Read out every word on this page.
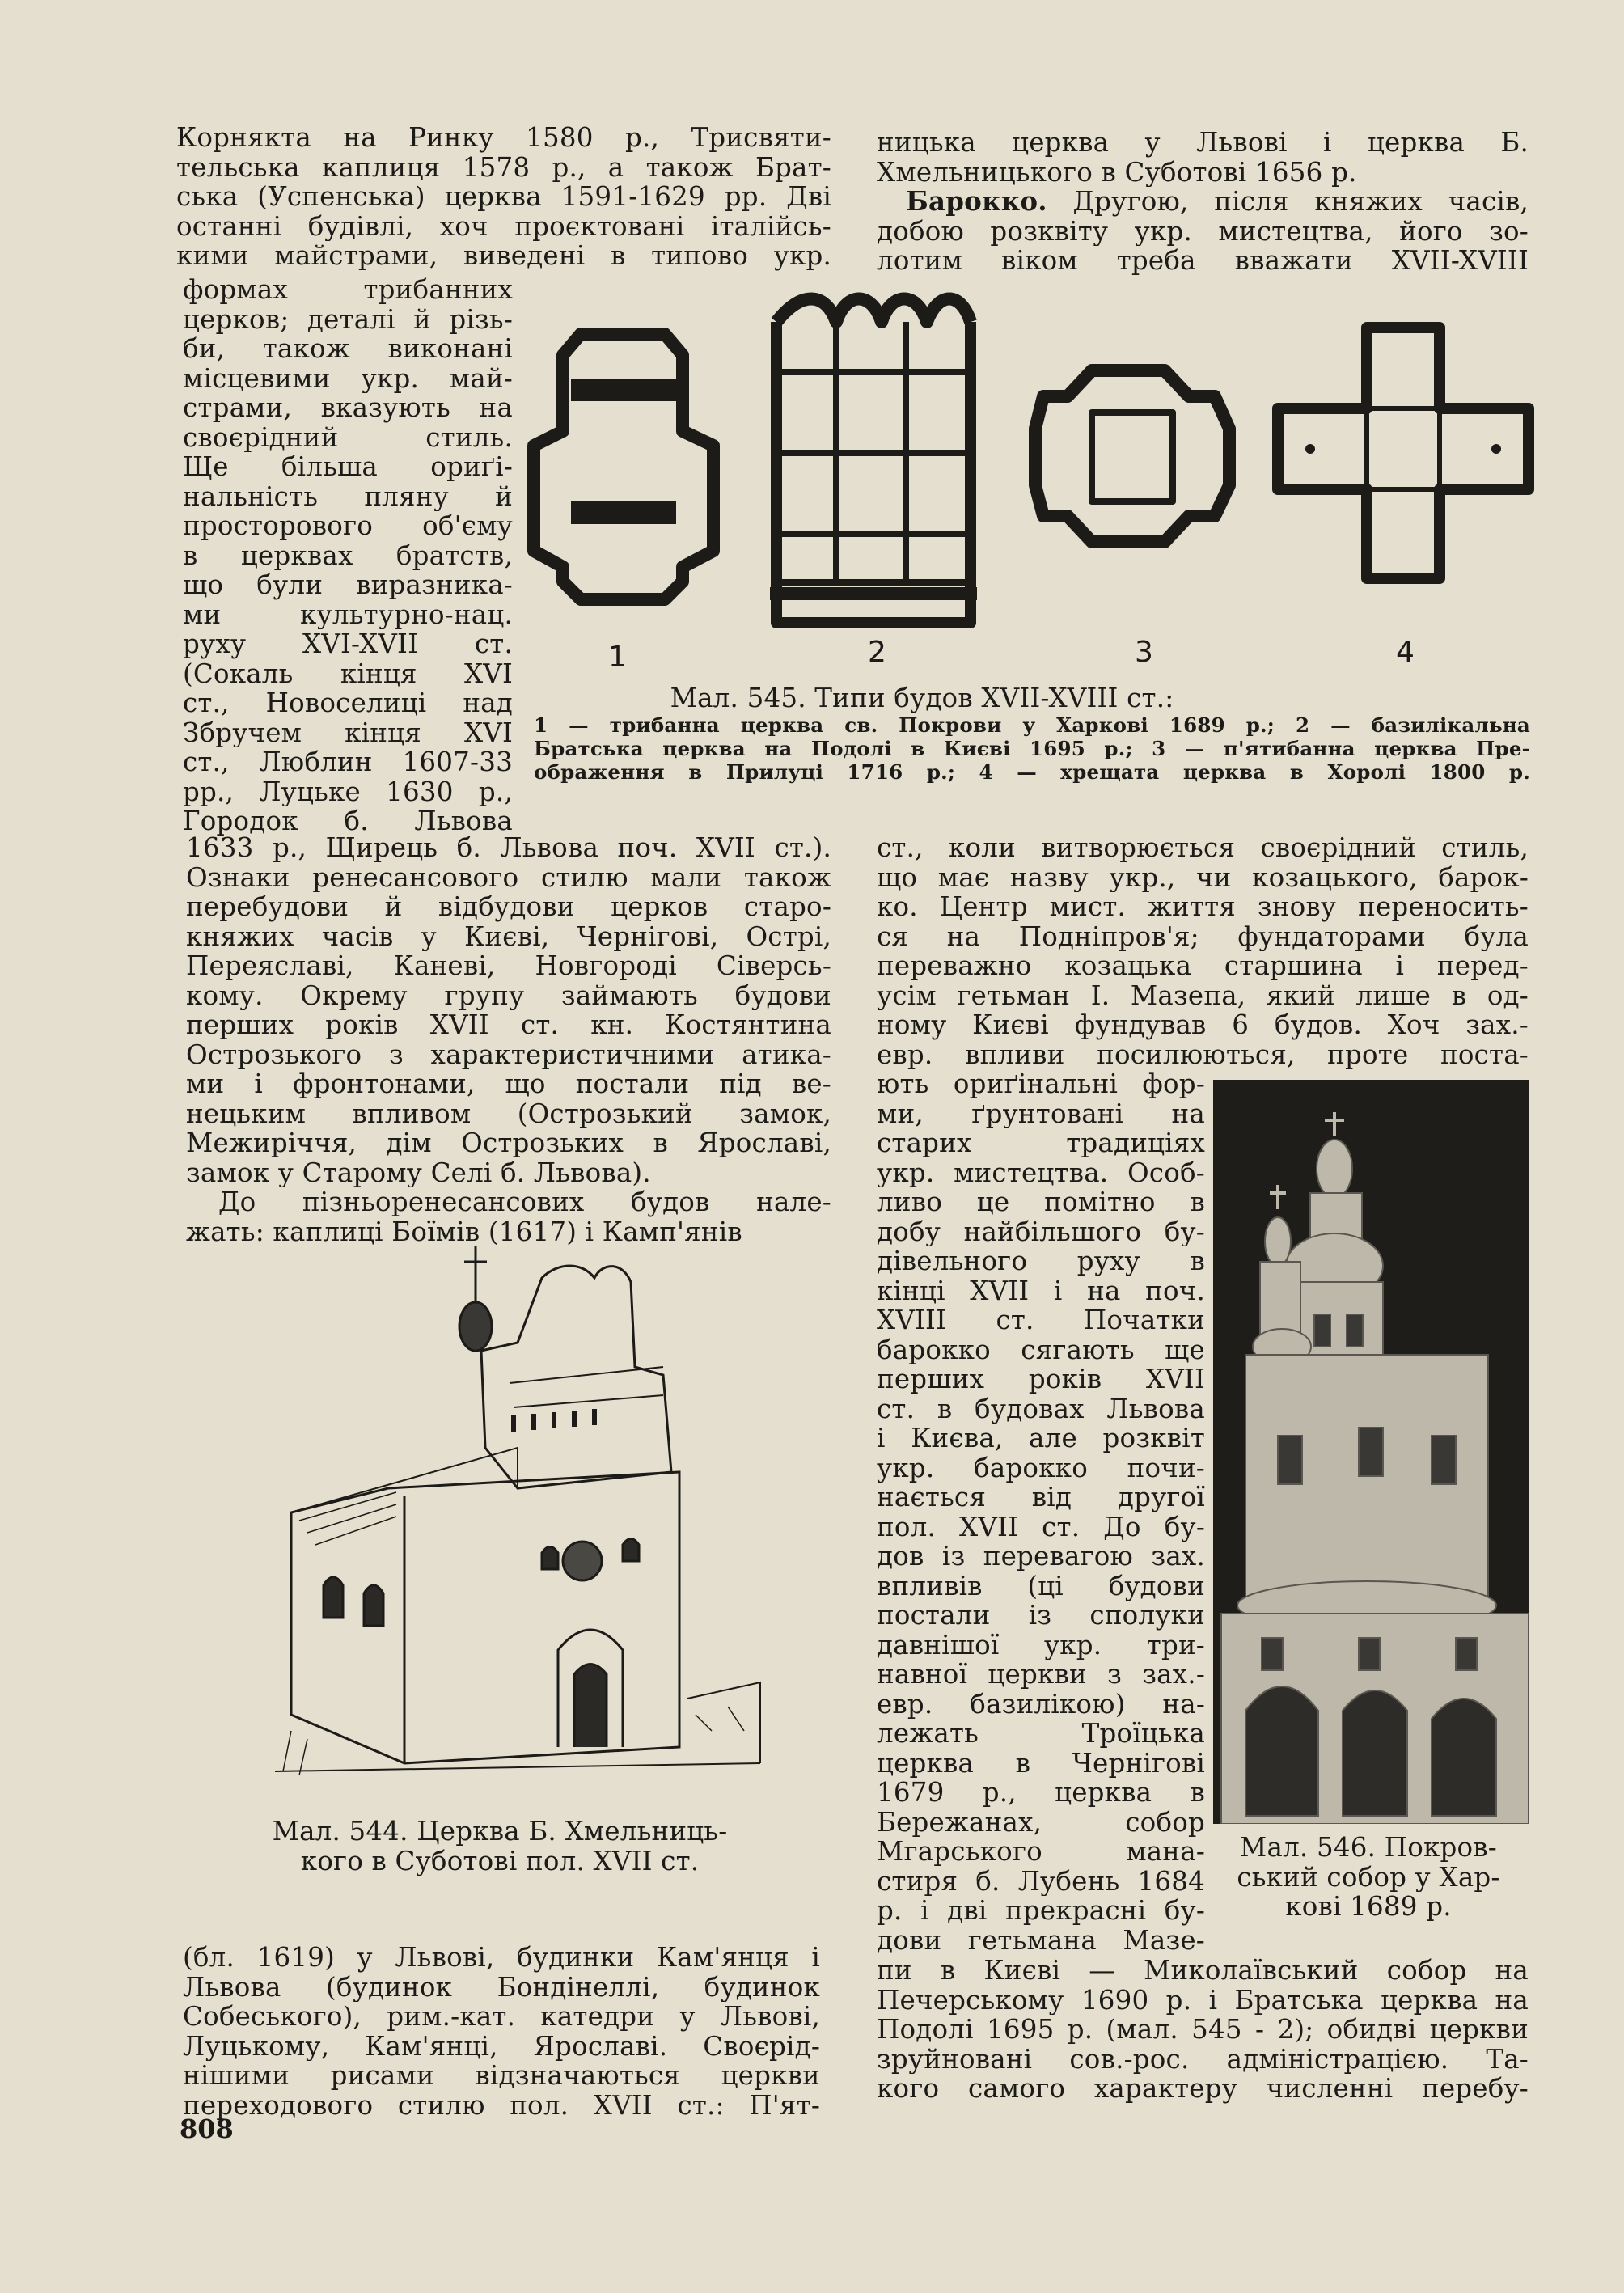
Корнякта на Ринку 1580 р., Трисвяти-
тельська каплиця 1578 р., а також Брат-
ська (Успенська) церква 1591-1629 рр. Дві
останні будівлі, хоч проєктовані італійсь-
кими майстрами, виведені в типово укр.
формах трибанних
церков; деталі й різь-
би, також виконані
місцевими укр. май-
страми, вказують на
своєрідний стиль.
Ще більша ориґі-
нальність пляну й
просторового об'єму
в церквах братств,
що були виразника-
ми культурно-нац.
руху XVI-XVII ст.
(Сокаль кінця XVI
ст., Новоселиці над
Збручем кінця XVI
ст., Люблин 1607-33
рр., Луцьке 1630 р.,
Городок б. Львова
1633 р., Щирець б. Львова поч. XVII ст.).
Ознаки ренесансового стилю мали також
перебудови й відбудови церков старо-
княжих часів у Києві, Чернігові, Острі,
Переяславі, Каневі, Новгороді Сіверсь-
кому. Окрему групу займають будови
перших років XVII ст. кн. Костянтина
Острозького з характеристичними атика-
ми і фронтонами, що постали під ве-
нецьким впливом (Острозький замок,
Межиріччя, дім Острозьких в Ярославі,
замок у Старому Селі б. Львова).
До пізньоренесансових будов нале-
жать: каплиці Боїмів (1617) і Камп'янів
(бл. 1619) у Львові, будинки Кам'янця і
Львова (будинок Бондінеллі, будинок
Собеського), рим.-кат. катедри у Львові,
Луцькому, Кам'янці, Ярославі. Своєрід-
нішими рисами відзначаються церкви
переходового стилю пол. XVII ст.: П'ят-
ницька церква у Львові і церква Б.
Хмельницького в Суботові 1656 р.
Барокко. Другою, після княжих часів,
добою розквіту укр. мистецтва, його зо-
лотим віком треба вважати XVII-XVIII
ст., коли витворюється своєрідний стиль,
що має назву укр., чи козацького, барок-
ко. Центр мист. життя знову переносить-
ся на Подніпров'я; фундаторами була
переважно козацька старшина і перед-
усім гетьман І. Мазепа, який лише в од-
ному Києві фундував 6 будов. Хоч зах.-
евр. впливи посилюються, проте поста-
ють ориґінальні фор-
ми, ґрунтовані на
старих традиціях
укр. мистецтва. Особ-
ливо це помітно в
добу найбільшого бу-
дівельного руху в
кінці XVII і на поч.
XVIII ст. Початки
барокко сягають ще
перших років XVII
ст. в будовах Львова
і Києва, але розквіт
укр. барокко почи-
нається від другої
пол. XVII ст. До бу-
дов із перевагою зах.
впливів (ці будови
постали із сполуки
давнішої укр. три-
навної церкви з зах.-
евр. базилікою) на-
лежать Троїцька
церква в Чернігові
1679 р., церква в
Бережанах, собор
Мгарського мана-
стиря б. Лубень 1684
р. і дві прекрасні бу-
дови гетьмана Мазе-
пи в Києві — Миколаївський собор на
Печерському 1690 р. і Братська церква на
Подолі 1695 р. (мал. 545 - 2); обидві церкви
зруйновані сов.-рос. адміністрацією. Та-
кого самого характеру численні перебу-
1	2	3	4
Мал. 545. Типи будов XVII-XVIII ст.:
1 — трибанна церква св. Покрови у Харкові 1689 р.; 2 — базилікальна
Братська церква на Подолі в Києві 1695 р.; 3 — п'ятибанна церква Пре-
ображення в Прилуці 1716 р.; 4 — хрещата церква в Хоролі 1800 р.
Мал. 544. Церква Б. Хмельниць-
кого в Суботові пол. XVII ст.	Мал. 546. Покров-
ський собор у Хар-
кові 1689 р.
808
